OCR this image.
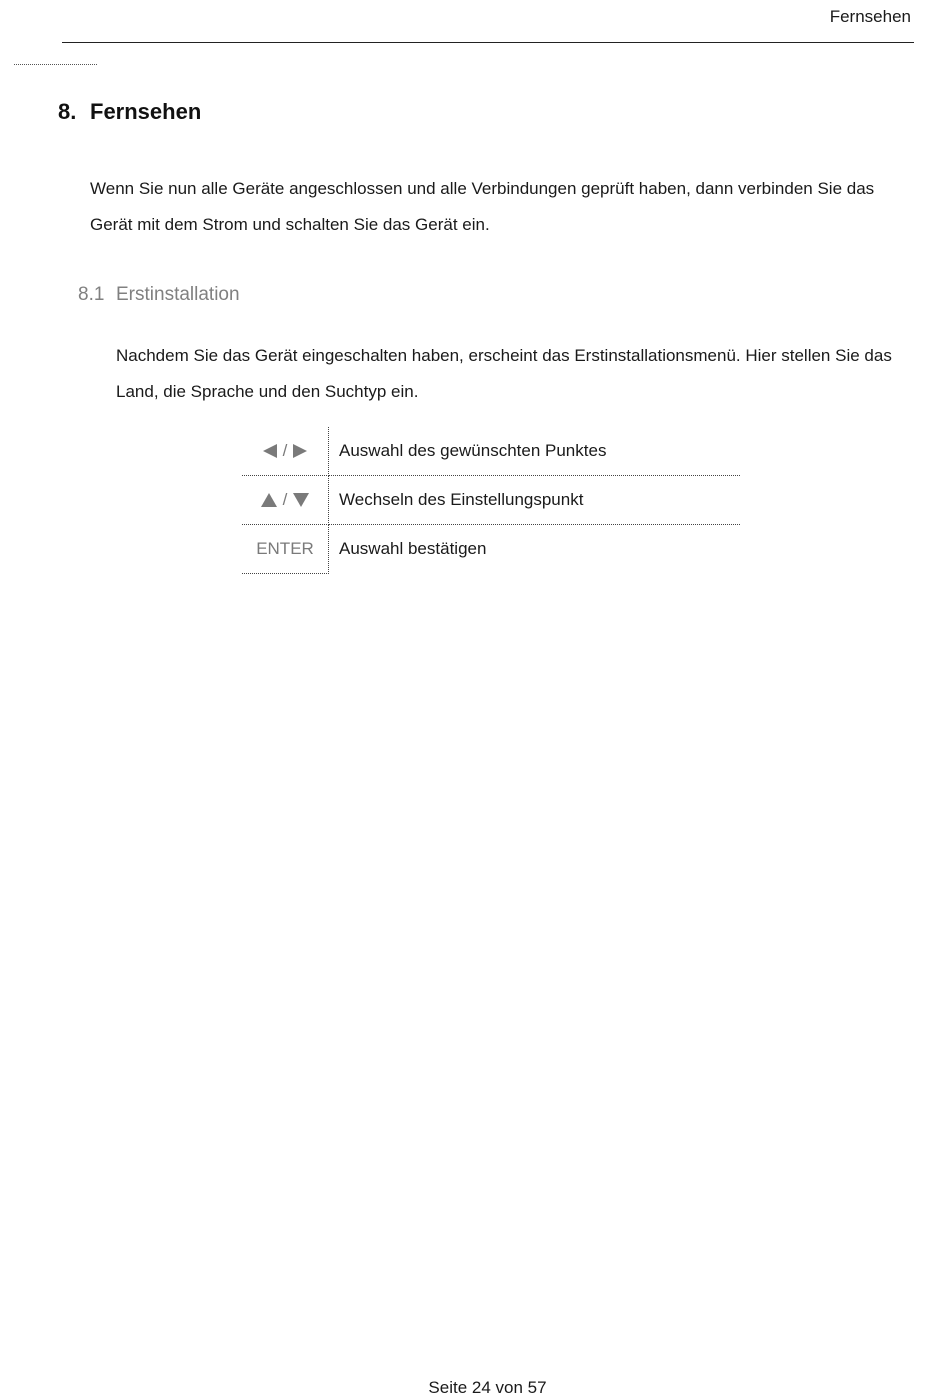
Fernsehen
8. Fernsehen

Wenn Sie nun alle Geräte angeschlossen und alle Verbindungen geprüft haben, dann verbinden Sie das Gerät mit dem Strom und schalten Sie das Gerät ein.

8.1 Erstinstallation

Nachdem Sie das Gerät eingeschalten haben, erscheint das Erstinstallationsmenü. Hier stellen Sie das Land, die Sprache und den Suchtyp ein.

/	Auswahl des gewünschten Punktes
/	Wechseln des Einstellungspunkt
ENTER	Auswahl bestätigen
Seite 24 von 57
